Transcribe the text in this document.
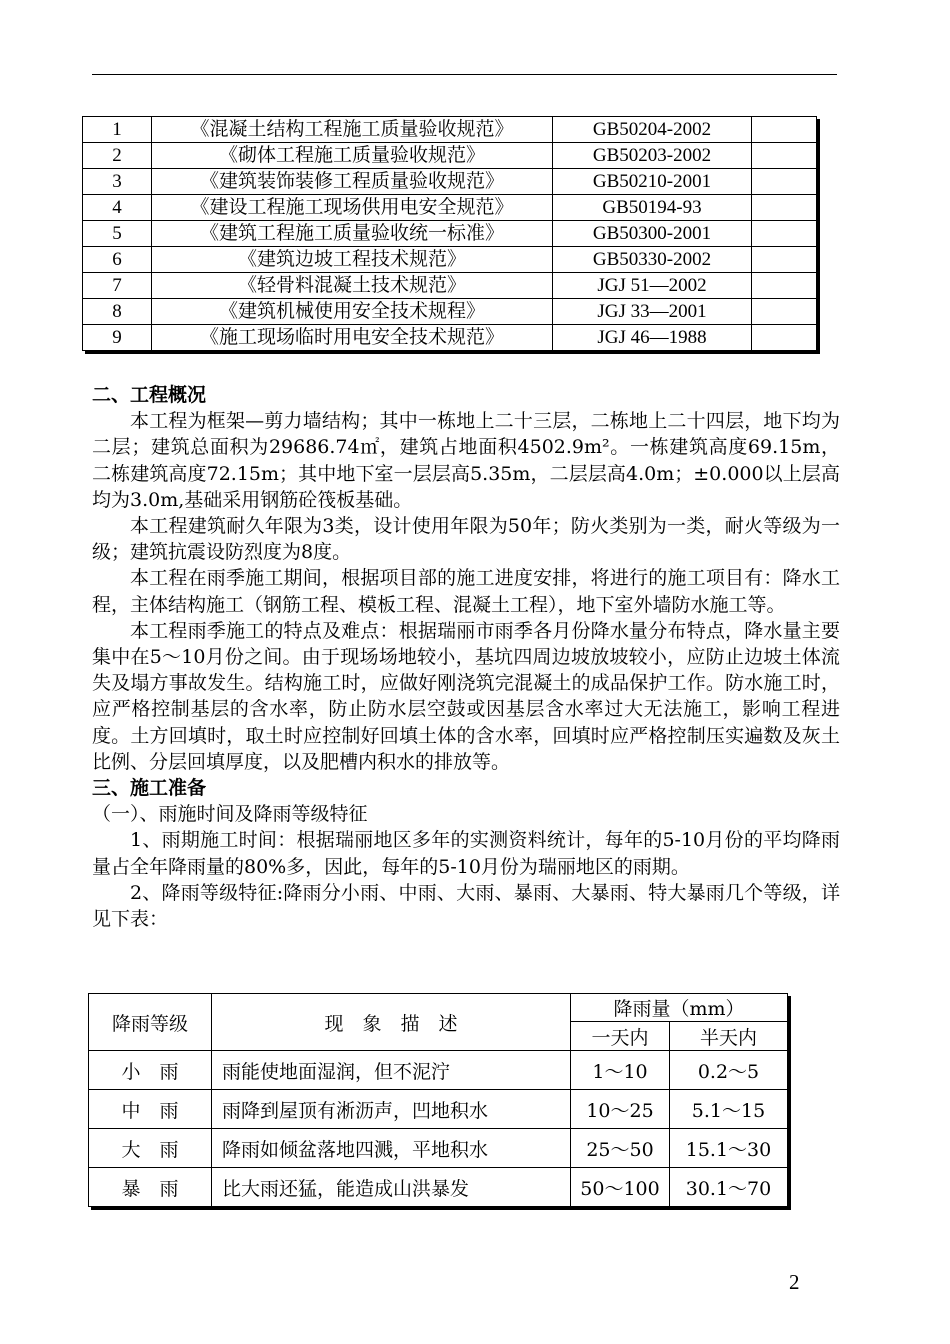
1	《混凝土结构工程施工质量验收规范》	GB50204-2002	
2	《砌体工程施工质量验收规范》	GB50203-2002	
3	《建筑装饰装修工程质量验收规范》	GB50210-2001	
4	《建设工程施工现场供用电安全规范》	GB50194-93	
5	《建筑工程施工质量验收统一标准》	GB50300-2001	
6	《建筑边坡工程技术规范》	GB50330-2002	
7	《轻骨料混凝土技术规范》	JGJ 51—2002	
8	《建筑机械使用安全技术规程》	JGJ 33—2001	
9	《施工现场临时用电安全技术规范》	JGJ 46—1988	
二、工程概况

本工程为框架—剪力墙结构；其中一栋地上二十三层，二栋地上二十四层，地下均为二层；建筑总面积为29686.74㎡，建筑占地面积4502.9m²。一栋建筑高度69.15m，二栋建筑高度72.15m；其中地下室一层层高5.35m，二层层高4.0m；±0.000以上层高均为3.0m,基础采用钢筋砼筏板基础。

本工程建筑耐久年限为3类，设计使用年限为50年；防火类别为一类，耐火等级为一级；建筑抗震设防烈度为8度。

本工程在雨季施工期间，根据项目部的施工进度安排，将进行的施工项目有：降水工程，主体结构施工（钢筋工程、模板工程、混凝土工程），地下室外墙防水施工等。

本工程雨季施工的特点及难点：根据瑞丽市雨季各月份降水量分布特点，降水量主要集中在5～10月份之间。由于现场场地较小，基坑四周边坡放坡较小，应防止边坡土体流失及塌方事故发生。结构施工时，应做好刚浇筑完混凝土的成品保护工作。防水施工时，应严格控制基层的含水率，防止防水层空鼓或因基层含水率过大无法施工，影响工程进度。土方回填时，取土时应控制好回填土体的含水率，回填时应严格控制压实遍数及灰土比例、分层回填厚度，以及肥槽内积水的排放等。

三、施工准备

（一）、雨施时间及降雨等级特征

1、雨期施工时间：根据瑞丽地区多年的实测资料统计，每年的5-10月份的平均降雨量占全年降雨量的80%多，因此，每年的5-10月份为瑞丽地区的雨期。

2、降雨等级特征:降雨分小雨、中雨、大雨、暴雨、大暴雨、特大暴雨几个等级，详见下表：

降雨等级	现　象　描　述	降雨量（mm）	
		一天内	半天内
小　雨	雨能使地面湿润，但不泥泞	1～10	0.2～5
中　雨	雨降到屋顶有淅沥声，凹地积水	10～25	5.1～15
大　雨	降雨如倾盆落地四溅，平地积水	25～50	15.1～30
暴　雨	比大雨还猛，能造成山洪暴发	50～100	30.1～70
2
